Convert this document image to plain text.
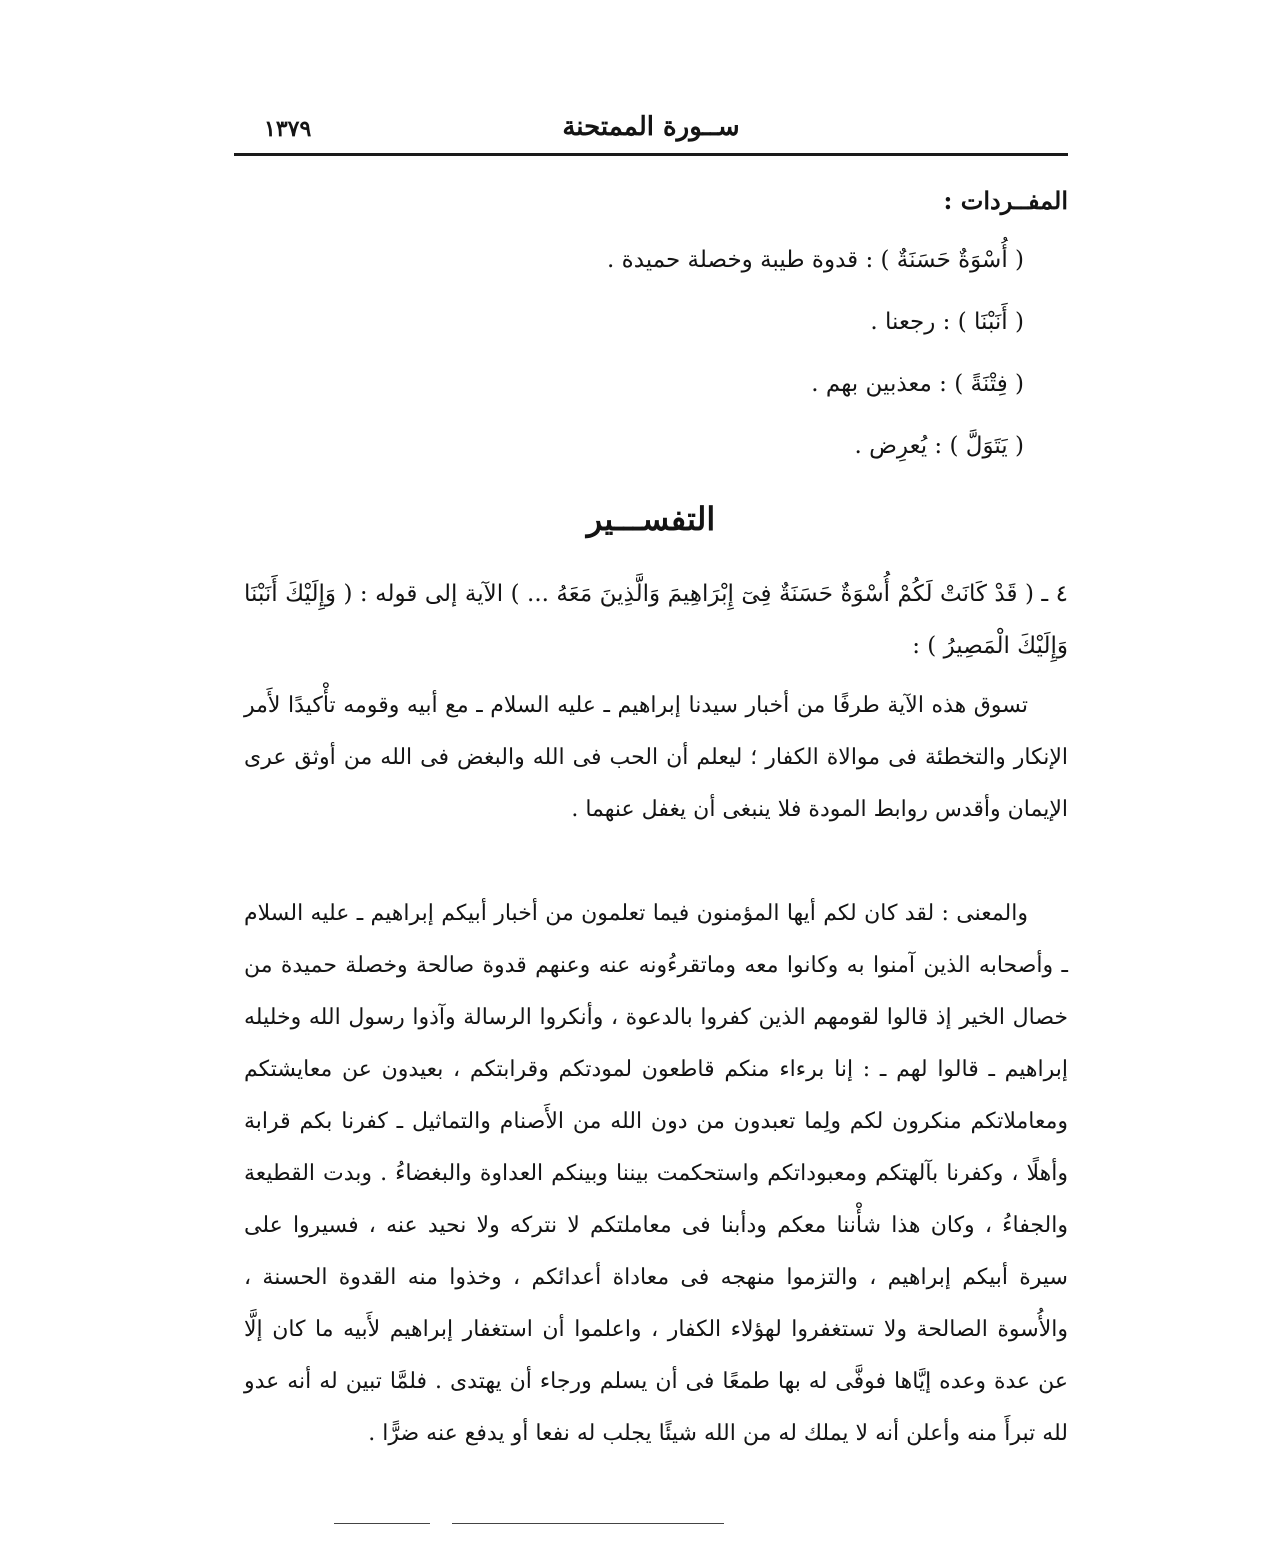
ســورة الممتحنة
١٣٧٩
المفــردات :
( أُسْوَةٌ حَسَنَةٌ ) : قدوة طيبة وخصلة حميدة .
( أَنَبْنَا ) : رجعنا .
( فِتْنَةً ) : معذبين بهم .
( يَتَوَلَّ ) : يُعرِض .
التفســـير
٤ ـ ( قَدْ كَانَتْ لَكُمْ أُسْوَةٌ حَسَنَةٌ فِىٓ إِبْرَاهِيمَ وَالَّذِينَ مَعَهُ ... ) الآية إلى قوله : ( وَإِلَيْكَ أَنَبْنَا وَإِلَيْكَ الْمَصِيرُ ) :

تسوق هذه الآية طرفًا من أخبار سيدنا إبراهيم ـ عليه السلام ـ مع أبيه وقومه تأْكيدًا لأَمر الإنكار والتخطئة فى موالاة الكفار ؛ ليعلم أن الحب فى الله والبغض فى الله من أوثق عرى الإيمان وأقدس روابط المودة فلا ينبغى أن يغفل عنهما .

والمعنى : لقد كان لكم أيها المؤمنون فيما تعلمون من أخبار أبيكم إبراهيم ـ عليه السلام ـ وأصحابه الذين آمنوا به وكانوا معه وماتقرءُونه عنه وعنهم قدوة صالحة وخصلة حميدة من خصال الخير إذ قالوا لقومهم الذين كفروا بالدعوة ، وأنكروا الرسالة وآذوا رسول الله وخليله إبراهيم ـ قالوا لهم ـ : إنا برءاء منكم قاطعون لمودتكم وقرابتكم ، بعيدون عن معايشتكم ومعاملاتكم منكرون لكم ولِما تعبدون من دون الله من الأَصنام والتماثيل ـ كفرنا بكم قرابة وأهلًا ، وكفرنا بآلهتكم ومعبوداتكم واستحكمت بيننا وبينكم العداوة والبغضاءُ . وبدت القطيعة والجفاءُ ، وكان هذا شأْننا معكم ودأبنا فى معاملتكم لا نتركه ولا نحيد عنه ، فسيروا على سيرة أبيكم إبراهيم ، والتزموا منهجه فى معاداة أعدائكم ، وخذوا منه القدوة الحسنة ، والأُسوة الصالحة ولا تستغفروا لهؤلاء الكفار ، واعلموا أن استغفار إبراهيم لأَبيه ما كان إلَّا عن عدة وعده إيَّاها فوفَّى له بها طمعًا فى أن يسلم ورجاء أن يهتدى . فلمَّا تبين له أنه عدو لله تبرأَ منه وأعلن أنه لا يملك له من الله شيئًا يجلب له نفعا أو يدفع عنه ضرًّا .
